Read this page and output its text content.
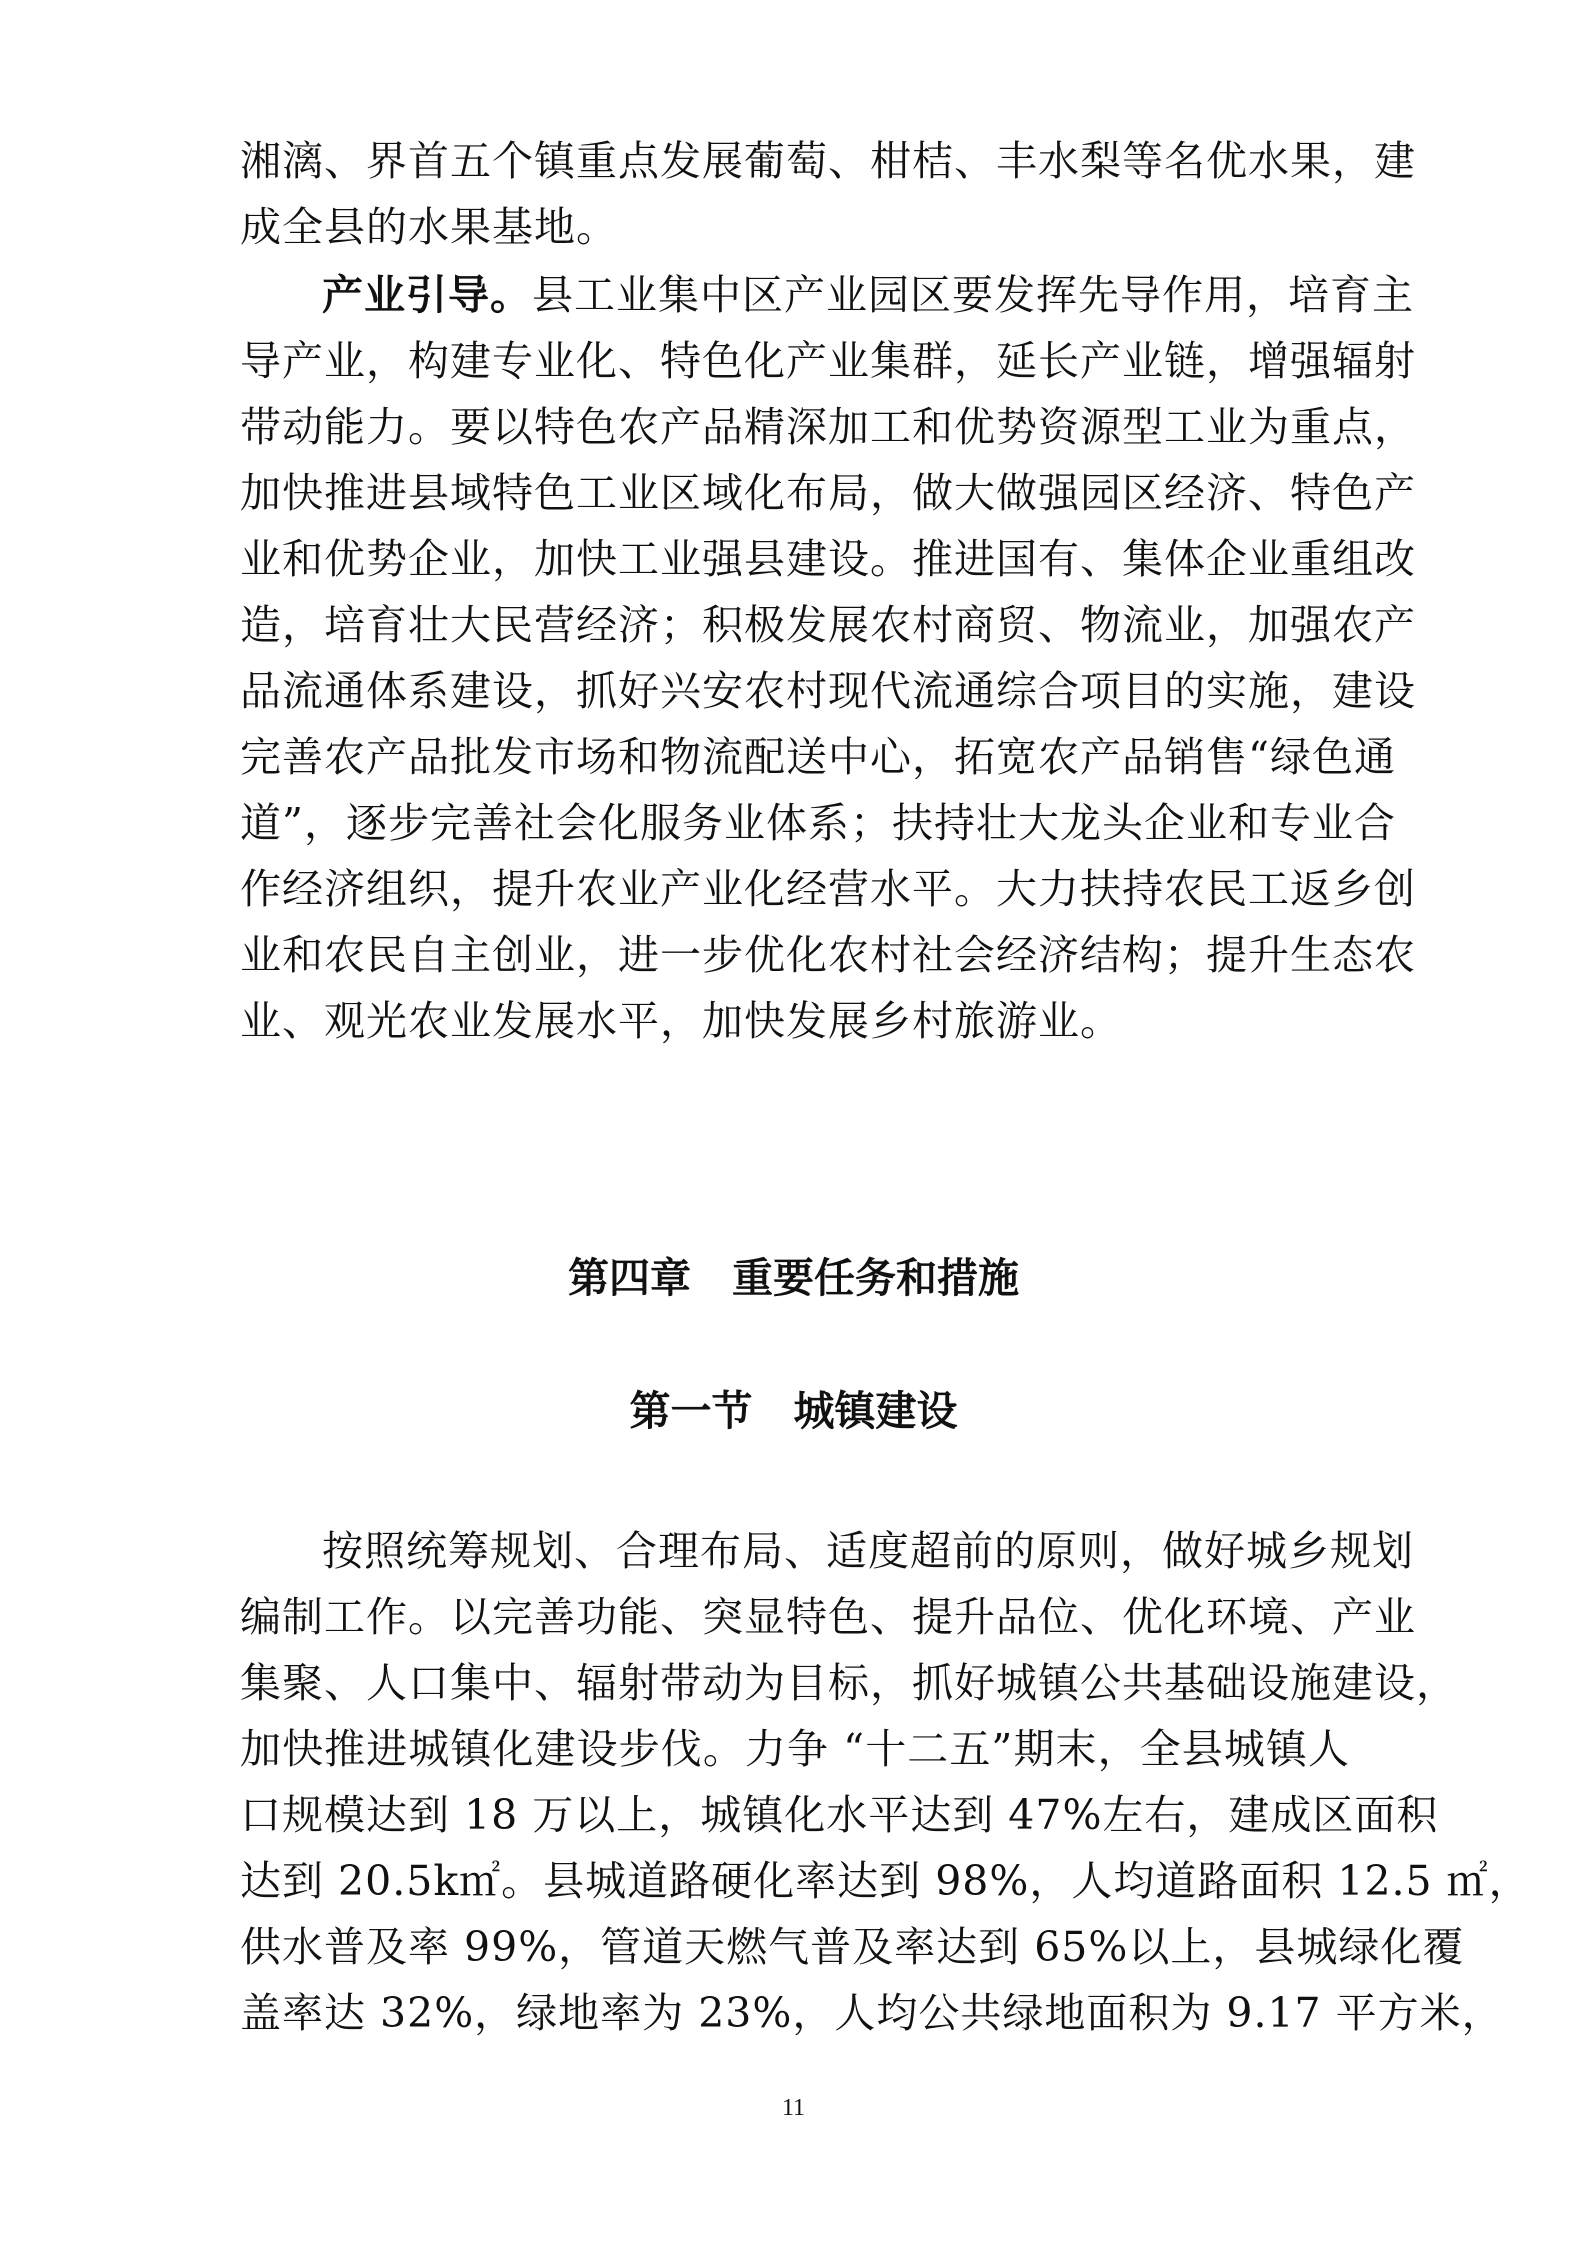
湘漓、界首五个镇重点发展葡萄、柑桔、丰水梨等名优水果，建
成全县的水果基地。
产业引导。县工业集中区产业园区要发挥先导作用，培育主
导产业，构建专业化、特色化产业集群，延长产业链，增强辐射
带动能力。要以特色农产品精深加工和优势资源型工业为重点，
加快推进县域特色工业区域化布局，做大做强园区经济、特色产
业和优势企业，加快工业强县建设。推进国有、集体企业重组改
造，培育壮大民营经济；积极发展农村商贸、物流业，加强农产
品流通体系建设，抓好兴安农村现代流通综合项目的实施，建设
完善农产品批发市场和物流配送中心，拓宽农产品销售“绿色通
道”，逐步完善社会化服务业体系；扶持壮大龙头企业和专业合
作经济组织，提升农业产业化经营水平。大力扶持农民工返乡创
业和农民自主创业，进一步优化农村社会经济结构；提升生态农
业、观光农业发展水平，加快发展乡村旅游业。
第四章　重要任务和措施
第一节　城镇建设
按照统筹规划、合理布局、适度超前的原则，做好城乡规划
编制工作。以完善功能、突显特色、提升品位、优化环境、产业
集聚、人口集中、辐射带动为目标，抓好城镇公共基础设施建设，
加快推进城镇化建设步伐。力争 “十二五”期末，全县城镇人
口规模达到 18 万以上，城镇化水平达到 47%左右，建成区面积
达到 20.5k㎡。县城道路硬化率达到 98%，人均道路面积 12.5 ㎡，
供水普及率 99%，管道天燃气普及率达到 65%以上，县城绿化覆
盖率达 32%，绿地率为 23%，人均公共绿地面积为 9.17 平方米，
11
